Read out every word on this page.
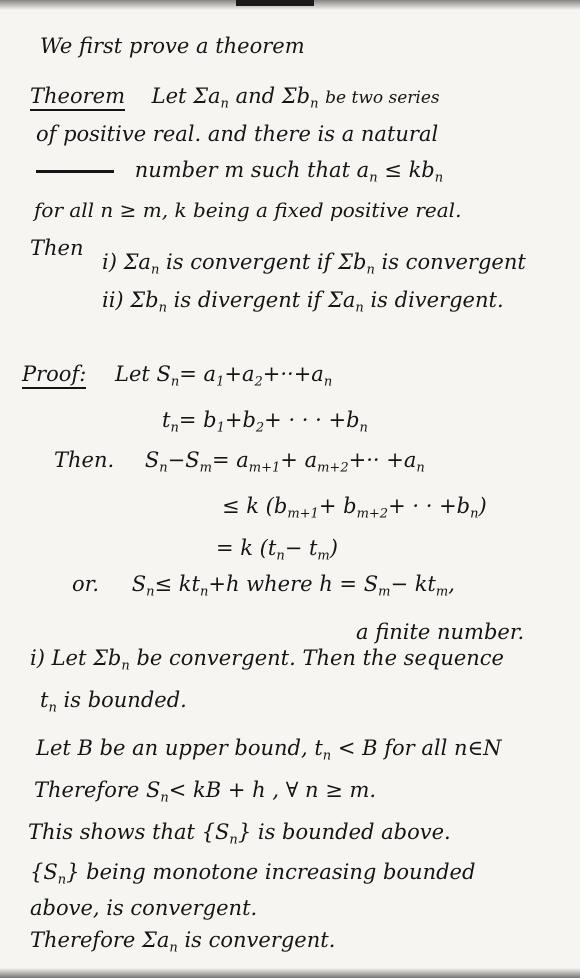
We first prove a theorem
Theorem Let $\Sigma a_n$ and $\Sigma b_n$ be two series
of positive real. and there is a natural
number m such that $a_n \le kb_n$
for all n ≥ m, k being a fixed positive real.
Then
i) $\Sigma a_n$ is convergent if $\Sigma b_n$ is convergent
ii) $\Sigma b_n$ is divergent if $\Sigma a_n$ is divergent.
Proof: Let $S_n= a_1+a_2+\cdot\cdot+a_n$
$t_n= b_1+b_2+$ · · · $+b_n$
Then. $S_n-S_m= a_{m+1}+ a_{m+2}+\cdot\cdot +a_n$
≤ k ($b_{m+1}+ b_{m+2}+$ · · $+b_n$)
= k $(t_n- t_m)$
or. $S_n\le kt_n+h$ where $h = S_m- kt_m$,
a finite number.
i) Let $\Sigma b_n$ be convergent. Then the sequence
$t_n$ is bounded.
Let B be an upper bound, $t_n < B$ for all n∈N
Therefore $S_n<$ kB + h , ∀ n ≥ m.
This shows that $\{S_n\}$ is bounded above.
$\{S_n\}$ being monotone increasing bounded
above, is convergent.
Therefore $\Sigma a_n$ is convergent.
